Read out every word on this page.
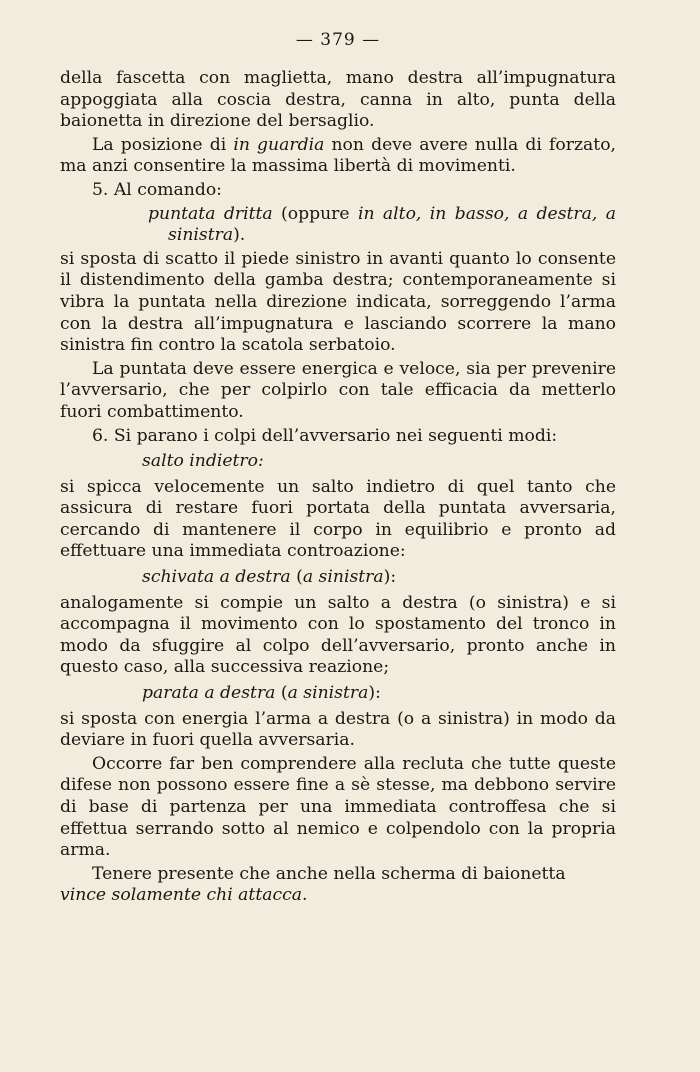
— 379 —

della fascetta con maglietta, mano destra all’impugnatura appoggiata alla coscia destra, canna in alto, punta della baionetta in direzione del bersaglio.

La posizione di in guardia non deve avere nulla di forzato, ma anzi consentire la massima libertà di movimenti.

5. Al comando:

puntata dritta (oppure in alto, in basso, a destra, a sinistra).

si sposta di scatto il piede sinistro in avanti quanto lo consente il distendimento della gamba destra; contemporaneamente si vibra la puntata nella direzione indicata, sorreggendo l’arma con la destra all’impugnatura e lasciando scorrere la mano sinistra fin contro la scatola serbatoio.

La puntata deve essere energica e veloce, sia per prevenire l’avversario, che per colpirlo con tale efficacia da metterlo fuori combattimento.

6. Si parano i colpi dell’avversario nei seguenti modi:

salto indietro:

si spicca velocemente un salto indietro di quel tanto che assicura di restare fuori portata della puntata avversaria, cercando di mantenere il corpo in equilibrio e pronto ad effettuare una immediata controazione:

schivata a destra (a sinistra):

analogamente si compie un salto a destra (o sinistra) e si accompagna il movimento con lo spostamento del tronco in modo da sfuggire al colpo dell’avversario, pronto anche in questo caso, alla successiva reazione;

parata a destra (a sinistra):

si sposta con energia l’arma a destra (o a sinistra) in modo da deviare in fuori quella avversaria.

Occorre far ben comprendere alla recluta che tutte queste difese non possono essere fine a sè stesse, ma debbono servire di base di partenza per una immediata controffesa che si effettua serrando sotto al nemico e colpendolo con la propria arma.

Tenere presente che anche nella scherma di baionetta vince solamente chi attacca.
